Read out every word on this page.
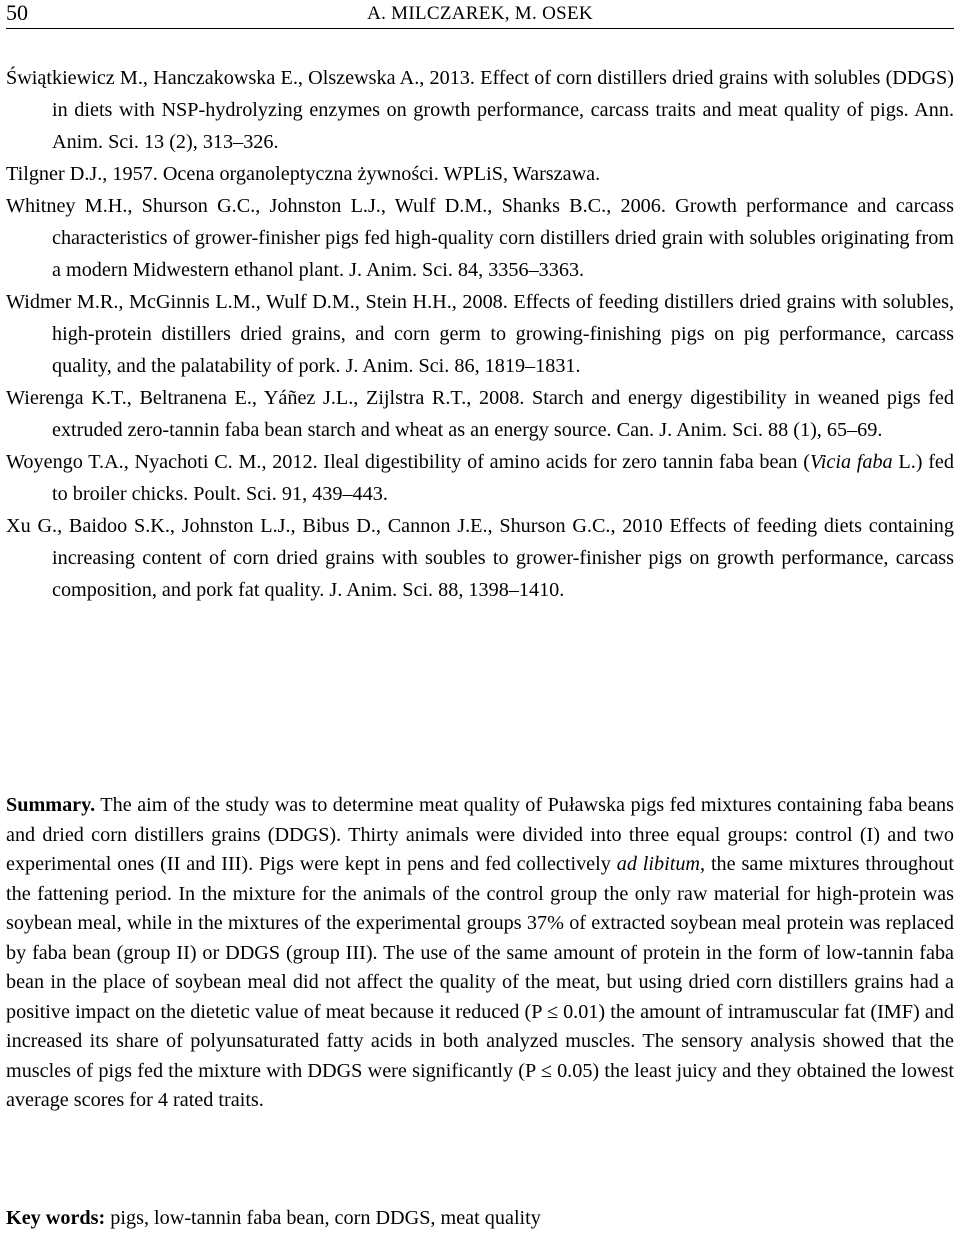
50	A. MILCZAREK, M. OSEK

Świątkiewicz M., Hanczakowska E., Olszewska A., 2013. Effect of corn distillers dried grains with solubles (DDGS) in diets with NSP-hydrolyzing enzymes on growth performance, carcass traits and meat quality of pigs. Ann. Anim. Sci. 13 (2), 313–326.

Tilgner D.J., 1957. Ocena organoleptyczna żywności. WPLiS, Warszawa.

Whitney M.H., Shurson G.C., Johnston L.J., Wulf D.M., Shanks B.C., 2006. Growth performance and carcass characteristics of grower-finisher pigs fed high-quality corn distillers dried grain with solubles originating from a modern Midwestern ethanol plant. J. Anim. Sci. 84, 3356–3363.

Widmer M.R., McGinnis L.M., Wulf D.M., Stein H.H., 2008. Effects of feeding distillers dried grains with solubles, high-protein distillers dried grains, and corn germ to growing-finishing pigs on pig performance, carcass quality, and the palatability of pork. J. Anim. Sci. 86, 1819–1831.

Wierenga K.T., Beltranena E., Yáñez J.L., Zijlstra R.T., 2008. Starch and energy digestibility in weaned pigs fed extruded zero-tannin faba bean starch and wheat as an energy source. Can. J. Anim. Sci. 88 (1), 65–69.

Woyengo T.A., Nyachoti C. M., 2012. Ileal digestibility of amino acids for zero tannin faba bean (Vicia faba L.) fed to broiler chicks. Poult. Sci. 91, 439–443.

Xu G., Baidoo S.K., Johnston L.J., Bibus D., Cannon J.E., Shurson G.C., 2010 Effects of feeding diets containing increasing content of corn dried grains with soubles to grower-finisher pigs on growth performance, carcass composition, and pork fat quality. J. Anim. Sci. 88, 1398–1410.

Summary. The aim of the study was to determine meat quality of Puławska pigs fed mixtures containing faba beans and dried corn distillers grains (DDGS). Thirty animals were divided into three equal groups: control (I) and two experimental ones (II and III). Pigs were kept in pens and fed collectively ad libitum, the same mixtures throughout the fattening period. In the mixture for the animals of the control group the only raw material for high-protein was soybean meal, while in the mixtures of the experimental groups 37% of extracted soybean meal protein was replaced by faba bean (group II) or DDGS (group III). The use of the same amount of protein in the form of low-tannin faba bean in the place of soybean meal did not affect the quality of the meat, but using dried corn distillers grains had a positive impact on the dietetic value of meat because it reduced (P ≤ 0.01) the amount of intramuscular fat (IMF) and increased its share of polyunsaturated fatty acids in both analyzed muscles. The sensory analysis showed that the muscles of pigs fed the mixture with DDGS were significantly (P ≤ 0.05) the least juicy and they obtained the lowest average scores for 4 rated traits.

Key words: pigs, low-tannin faba bean, corn DDGS, meat quality
